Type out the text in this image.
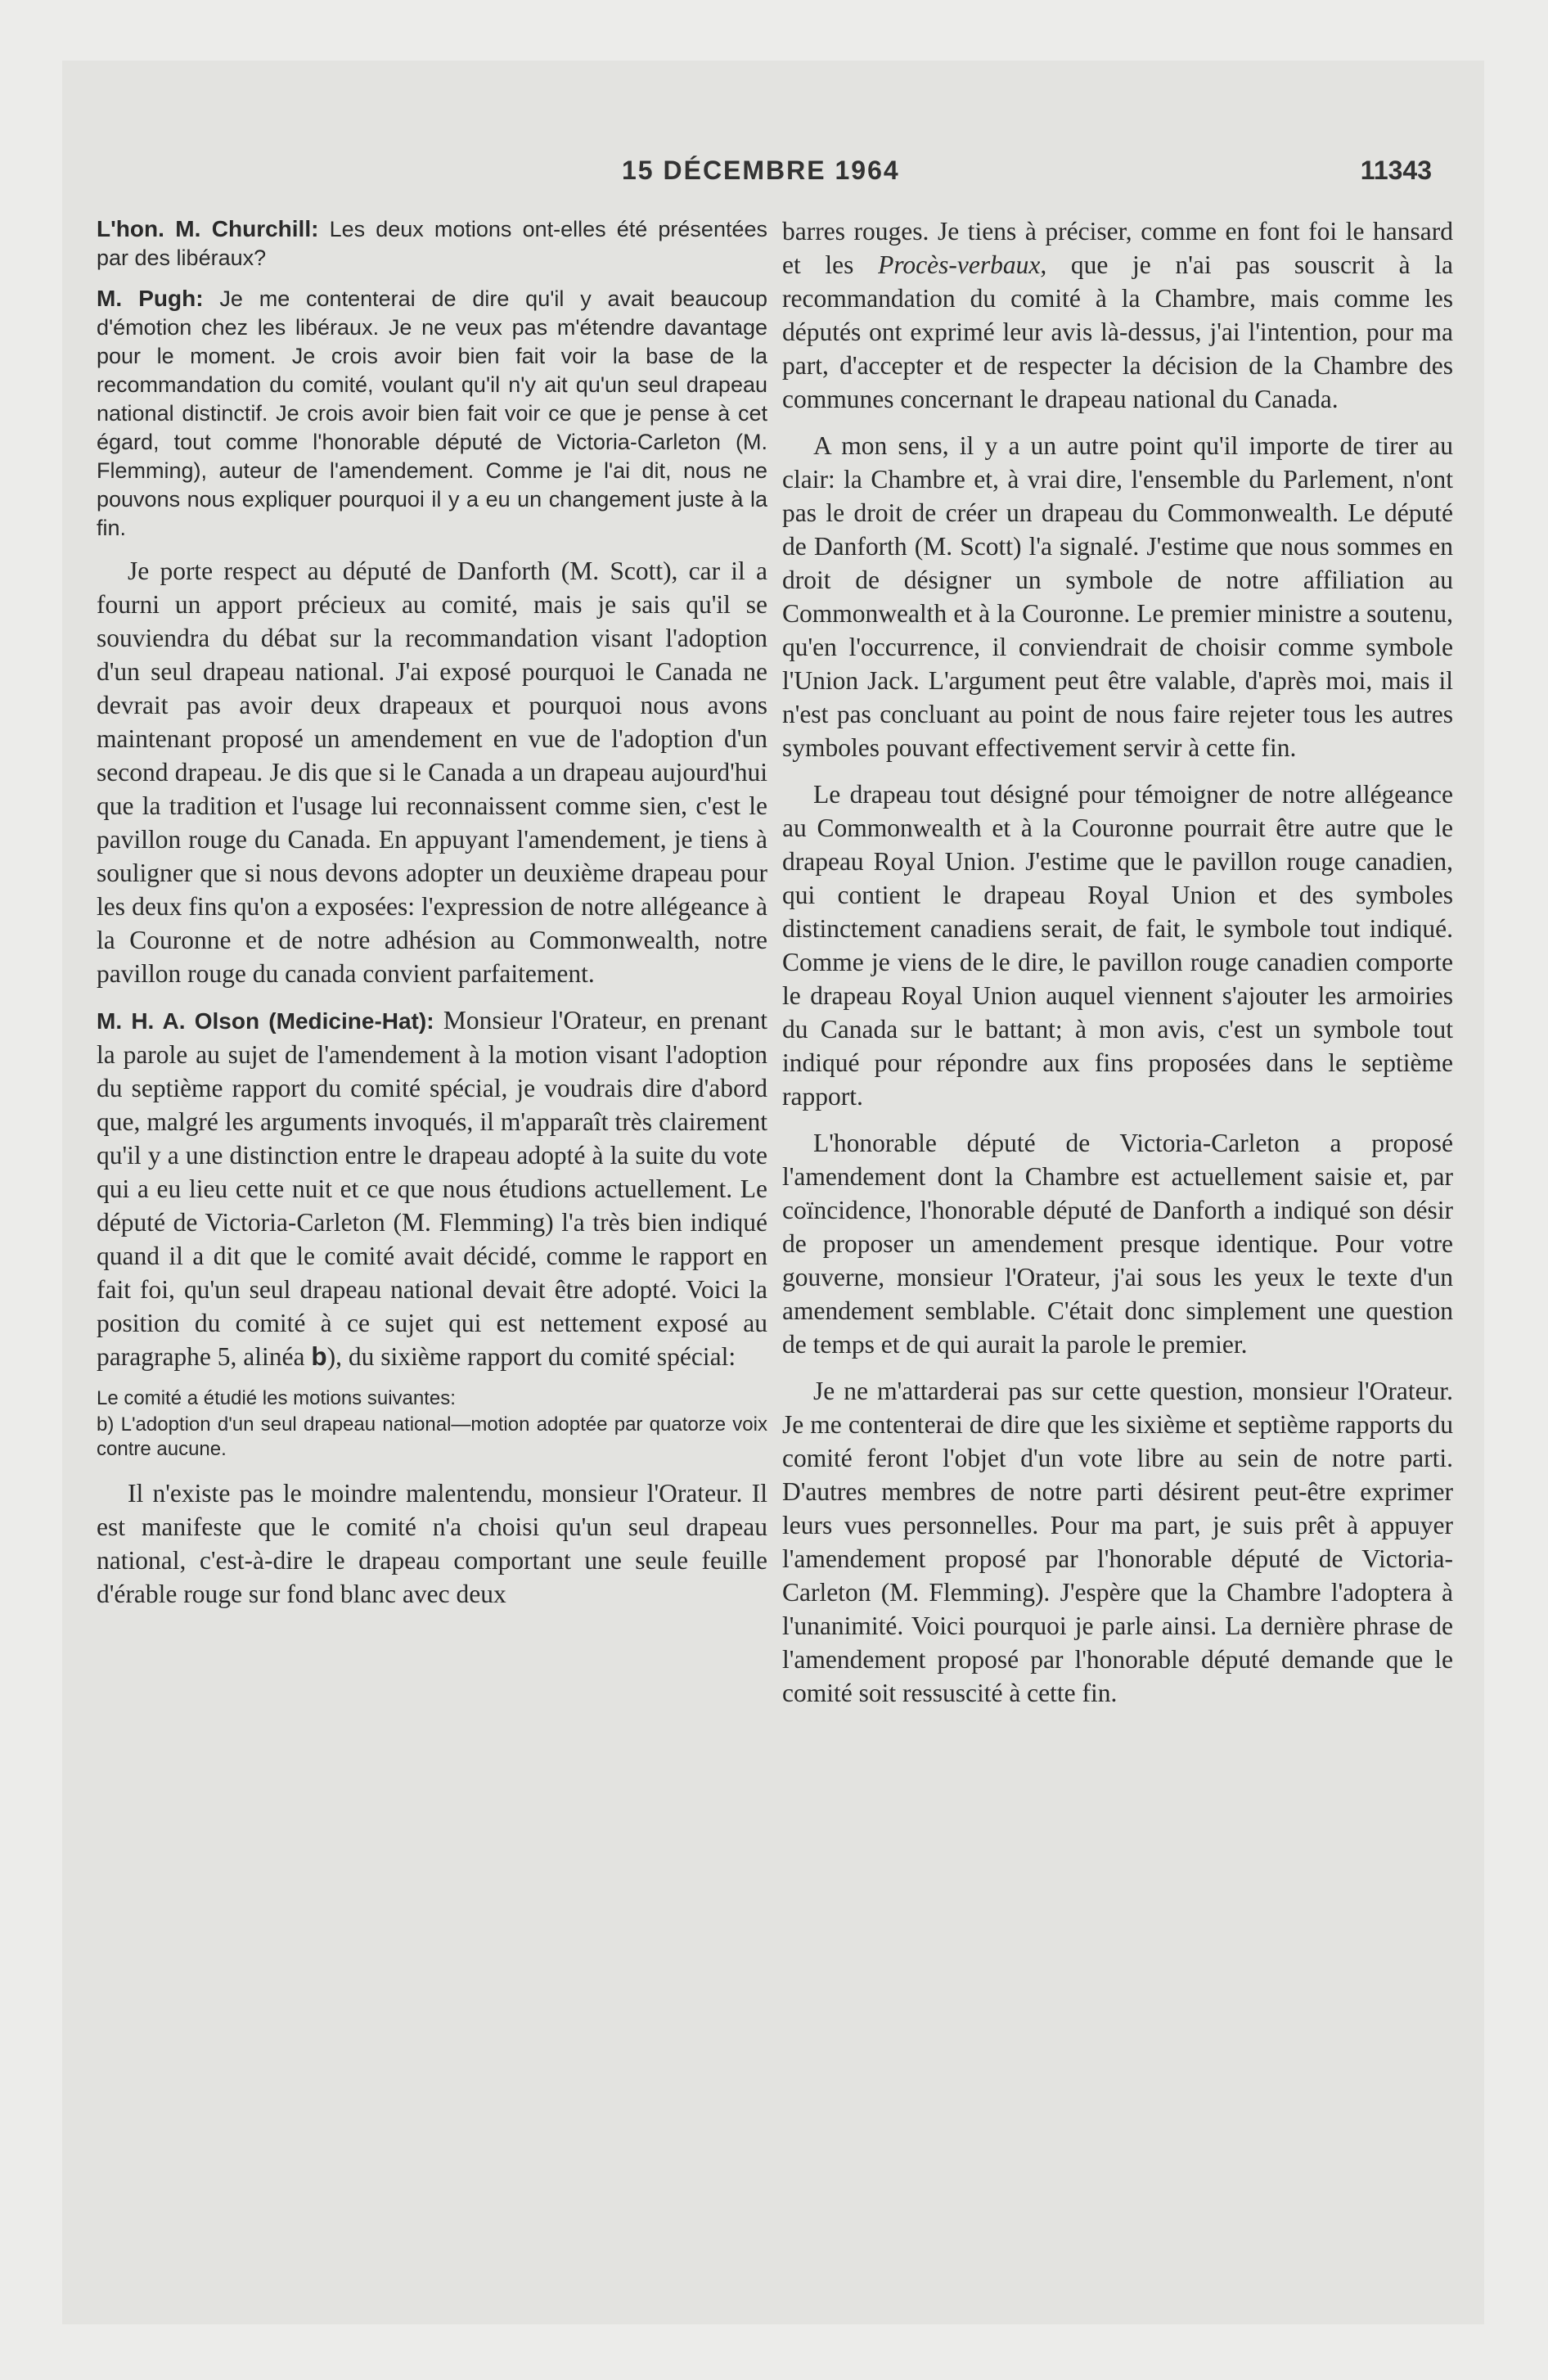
15 DÉCEMBRE 1964	11343

L'hon. M. Churchill: Les deux motions ont-elles été présentées par des libéraux?

M. Pugh: Je me contenterai de dire qu'il y avait beaucoup d'émotion chez les libéraux. Je ne veux pas m'étendre davantage pour le moment. Je crois avoir bien fait voir la base de la recommandation du comité, voulant qu'il n'y ait qu'un seul drapeau national distinctif. Je crois avoir bien fait voir ce que je pense à cet égard, tout comme l'honorable député de Victoria-Carleton (M. Flemming), auteur de l'amendement. Comme je l'ai dit, nous ne pouvons nous expliquer pourquoi il y a eu un changement juste à la fin.

Je porte respect au député de Danforth (M. Scott), car il a fourni un apport précieux au comité, mais je sais qu'il se souviendra du débat sur la recommandation visant l'adoption d'un seul drapeau national. J'ai exposé pourquoi le Canada ne devrait pas avoir deux drapeaux et pourquoi nous avons maintenant proposé un amendement en vue de l'adoption d'un second drapeau. Je dis que si le Canada a un drapeau aujourd'hui que la tradition et l'usage lui reconnaissent comme sien, c'est le pavillon rouge du Canada. En appuyant l'amendement, je tiens à souligner que si nous devons adopter un deuxième drapeau pour les deux fins qu'on a exposées: l'expression de notre allégeance à la Couronne et de notre adhésion au Commonwealth, notre pavillon rouge du canada convient parfaitement.

M. H. A. Olson (Medicine-Hat): Monsieur l'Orateur, en prenant la parole au sujet de l'amendement à la motion visant l'adoption du septième rapport du comité spécial, je voudrais dire d'abord que, malgré les arguments invoqués, il m'apparaît très clairement qu'il y a une distinction entre le drapeau adopté à la suite du vote qui a eu lieu cette nuit et ce que nous étudions actuellement. Le député de Victoria-Carleton (M. Flemming) l'a très bien indiqué quand il a dit que le comité avait décidé, comme le rapport en fait foi, qu'un seul drapeau national devait être adopté. Voici la position du comité à ce sujet qui est nettement exposé au paragraphe 5, alinéa b), du sixième rapport du comité spécial:

Le comité a étudié les motions suivantes:
b) L'adoption d'un seul drapeau national—motion adoptée par quatorze voix contre aucune.

Il n'existe pas le moindre malentendu, monsieur l'Orateur. Il est manifeste que le comité n'a choisi qu'un seul drapeau national, c'est-à-dire le drapeau comportant une seule feuille d'érable rouge sur fond blanc avec deux

barres rouges. Je tiens à préciser, comme en font foi le hansard et les Procès-verbaux, que je n'ai pas souscrit à la recommandation du comité à la Chambre, mais comme les députés ont exprimé leur avis là-dessus, j'ai l'intention, pour ma part, d'accepter et de respecter la décision de la Chambre des communes concernant le drapeau national du Canada.

A mon sens, il y a un autre point qu'il importe de tirer au clair: la Chambre et, à vrai dire, l'ensemble du Parlement, n'ont pas le droit de créer un drapeau du Commonwealth. Le député de Danforth (M. Scott) l'a signalé. J'estime que nous sommes en droit de désigner un symbole de notre affiliation au Commonwealth et à la Couronne. Le premier ministre a soutenu, qu'en l'occurrence, il conviendrait de choisir comme symbole l'Union Jack. L'argument peut être valable, d'après moi, mais il n'est pas concluant au point de nous faire rejeter tous les autres symboles pouvant effectivement servir à cette fin.

Le drapeau tout désigné pour témoigner de notre allégeance au Commonwealth et à la Couronne pourrait être autre que le drapeau Royal Union. J'estime que le pavillon rouge canadien, qui contient le drapeau Royal Union et des symboles distinctement canadiens serait, de fait, le symbole tout indiqué. Comme je viens de le dire, le pavillon rouge canadien comporte le drapeau Royal Union auquel viennent s'ajouter les armoiries du Canada sur le battant; à mon avis, c'est un symbole tout indiqué pour répondre aux fins proposées dans le septième rapport.

L'honorable député de Victoria-Carleton a proposé l'amendement dont la Chambre est actuellement saisie et, par coïncidence, l'honorable député de Danforth a indiqué son désir de proposer un amendement presque identique. Pour votre gouverne, monsieur l'Orateur, j'ai sous les yeux le texte d'un amendement semblable. C'était donc simplement une question de temps et de qui aurait la parole le premier.

Je ne m'attarderai pas sur cette question, monsieur l'Orateur. Je me contenterai de dire que les sixième et septième rapports du comité feront l'objet d'un vote libre au sein de notre parti. D'autres membres de notre parti désirent peut-être exprimer leurs vues personnelles. Pour ma part, je suis prêt à appuyer l'amendement proposé par l'honorable député de Victoria-Carleton (M. Flemming). J'espère que la Chambre l'adoptera à l'unanimité. Voici pourquoi je parle ainsi. La dernière phrase de l'amendement proposé par l'honorable député demande que le comité soit ressuscité à cette fin.
